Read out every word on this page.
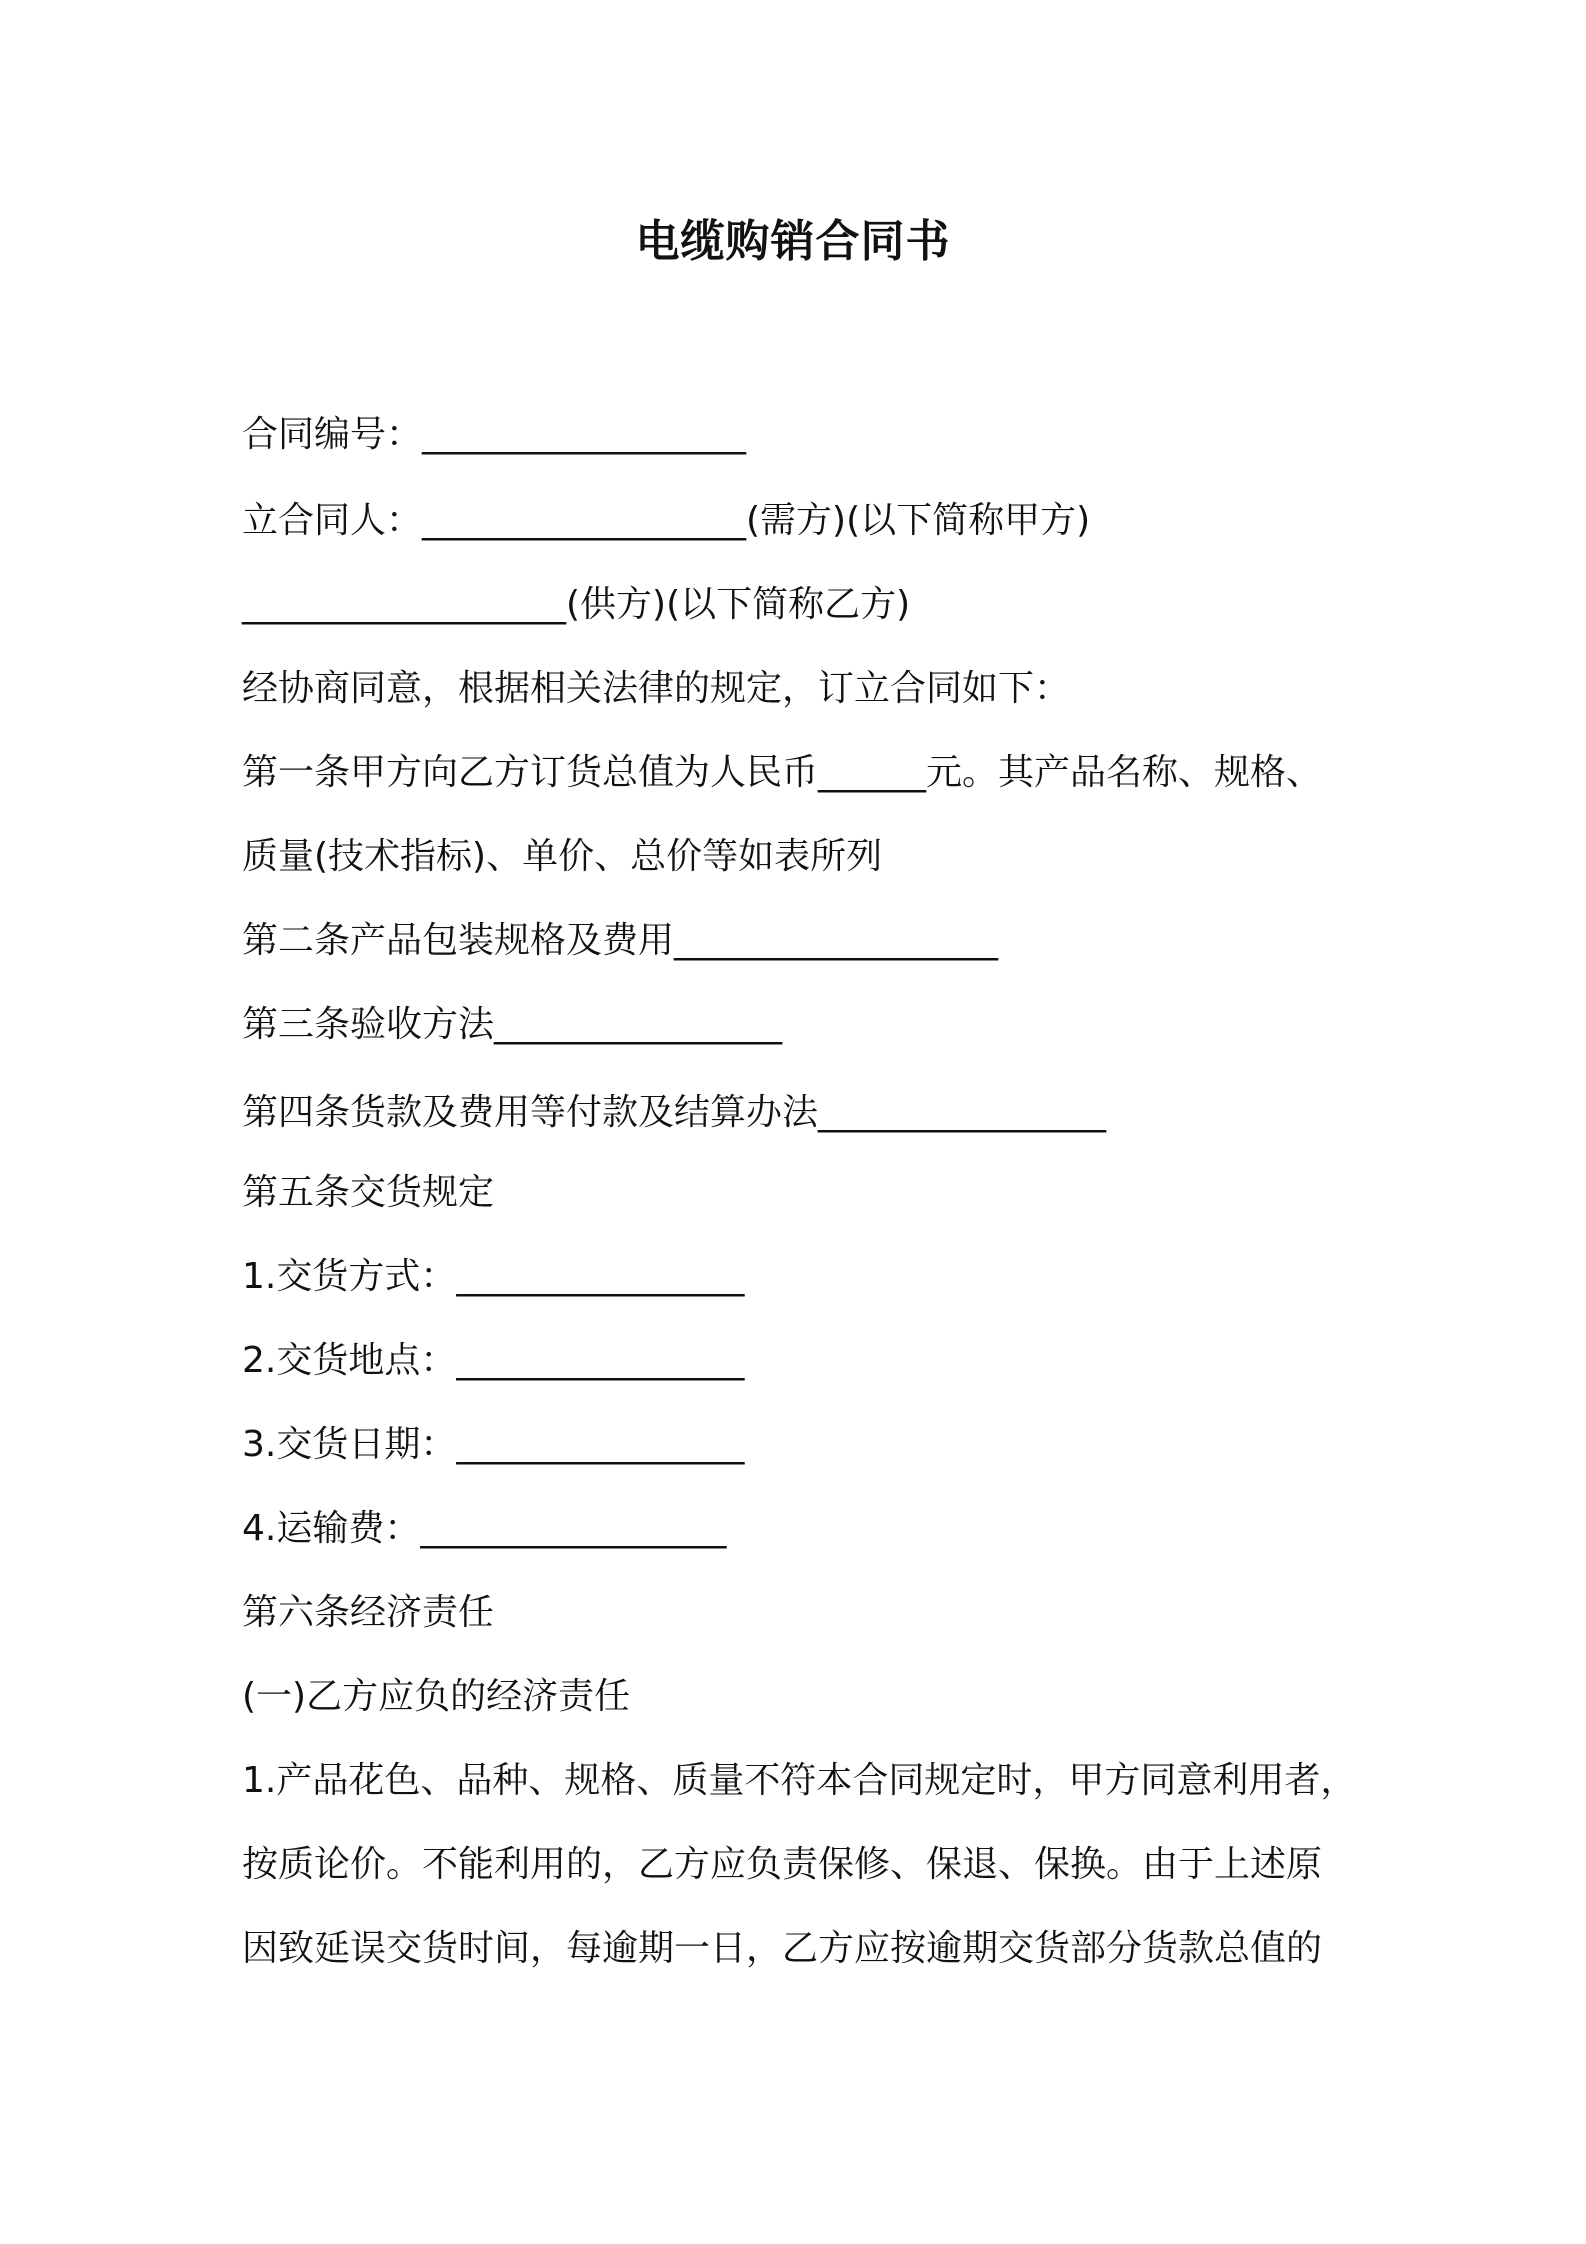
电缆购销合同书
合同编号：__________________
立合同人：__________________(需方)(以下简称甲方)
__________________(供方)(以下简称乙方)
经协商同意，根据相关法律的规定，订立合同如下：
第一条甲方向乙方订货总值为人民币______元。其产品名称、规格、
质量(技术指标)、单价、总价等如表所列
第二条产品包装规格及费用__________________
第三条验收方法________________
第四条货款及费用等付款及结算办法________________
第五条交货规定
1.交货方式：________________
2.交货地点：________________
3.交货日期：________________
4.运输费：_________________
第六条经济责任
(一)乙方应负的经济责任
1.产品花色、品种、规格、质量不符本合同规定时，甲方同意利用者，
按质论价。不能利用的，乙方应负责保修、保退、保换。由于上述原
因致延误交货时间，每逾期一日，乙方应按逾期交货部分货款总值的
